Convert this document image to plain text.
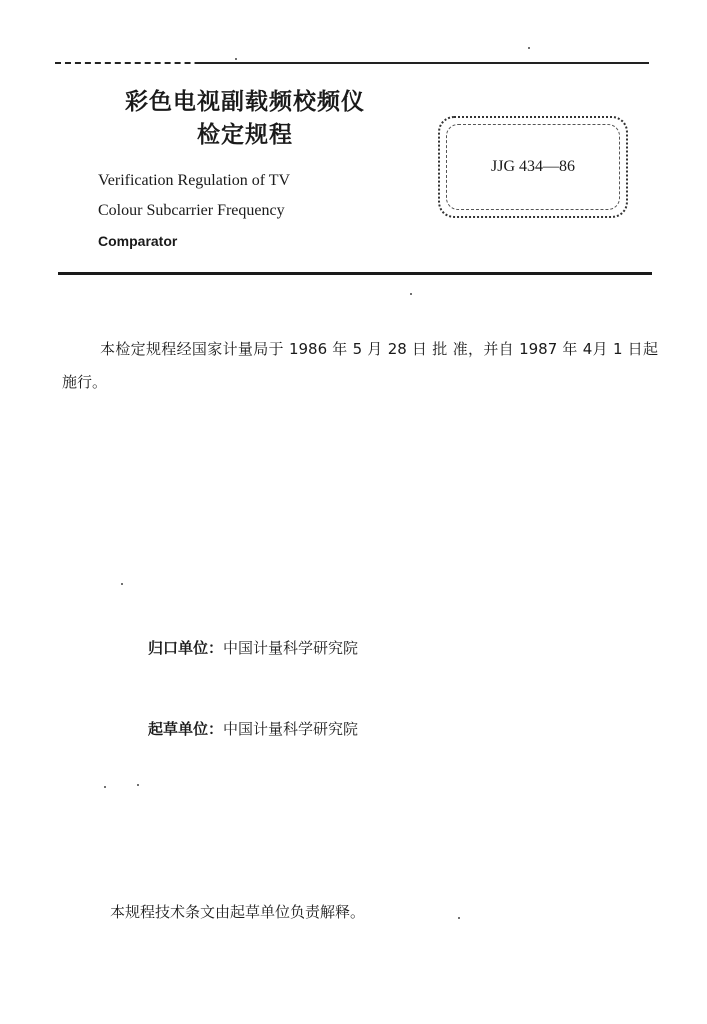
彩色电视副载频校频仪
检定规程
Verification Regulation of TV
Colour Subcarrier Frequency
Comparator
JJG 434—86
本检定规程经国家计量局于 1986 年 5 月 28 日 批 准，并自 1987 年 4月 1 日起施行。
归口单位：中国计量科学研究院
起草单位：中国计量科学研究院
本规程技术条文由起草单位负责解释。
